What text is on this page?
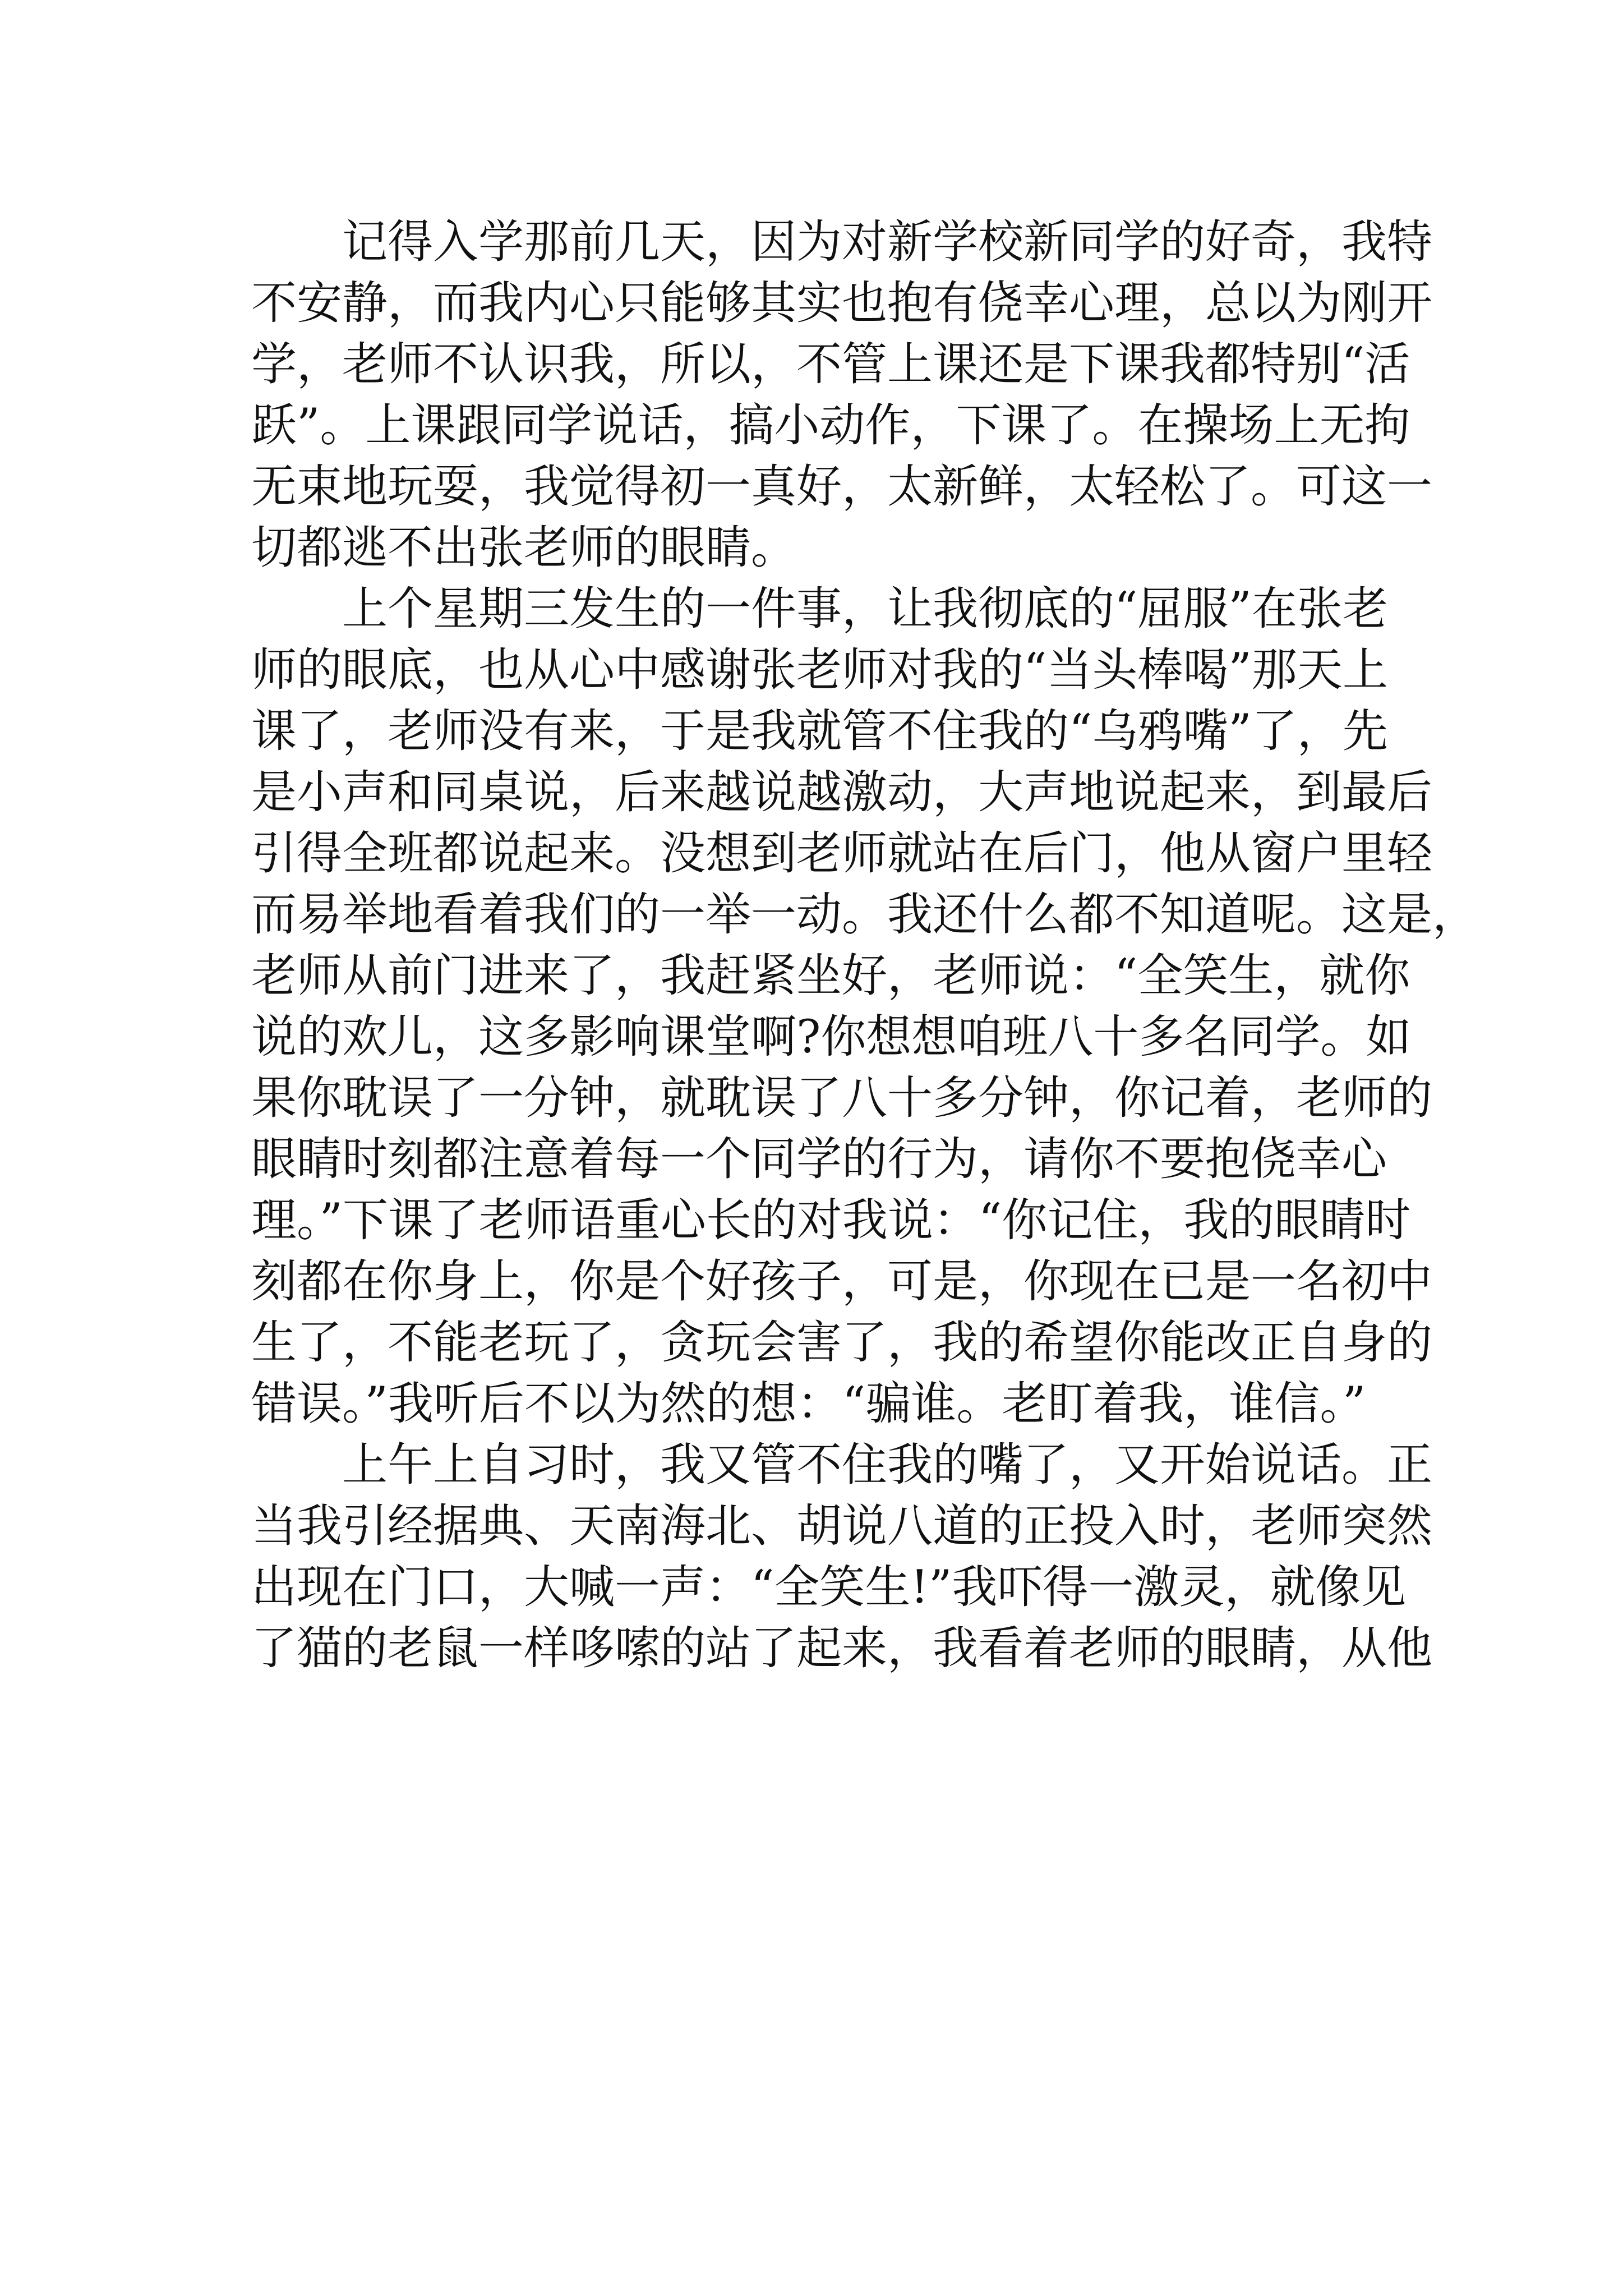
记得入学那前几天，因为对新学校新同学的好奇，我特
不安静，而我内心只能够其实也抱有侥幸心理，总以为刚开
学，老师不认识我，所以，不管上课还是下课我都特别“活
跃”。上课跟同学说话，搞小动作，下课了。在操场上无拘
无束地玩耍，我觉得初一真好，太新鲜，太轻松了。可这一
切都逃不出张老师的眼睛。
上个星期三发生的一件事，让我彻底的“屈服”在张老
师的眼底，也从心中感谢张老师对我的“当头棒喝”那天上
课了，老师没有来，于是我就管不住我的“乌鸦嘴”了，先
是小声和同桌说，后来越说越激动，大声地说起来，到最后
引得全班都说起来。没想到老师就站在后门，他从窗户里轻
而易举地看着我们的一举一动。我还什么都不知道呢。这是，
老师从前门进来了，我赶紧坐好，老师说：“全笑生，就你
说的欢儿，这多影响课堂啊?你想想咱班八十多名同学。如
果你耽误了一分钟，就耽误了八十多分钟，你记着，老师的
眼睛时刻都注意着每一个同学的行为，请你不要抱侥幸心
理。”下课了老师语重心长的对我说：“你记住，我的眼睛时
刻都在你身上，你是个好孩子，可是，你现在已是一名初中
生了，不能老玩了，贪玩会害了，我的希望你能改正自身的
错误。”我听后不以为然的想：“骗谁。老盯着我，谁信。”
上午上自习时，我又管不住我的嘴了，又开始说话。正
当我引经据典、天南海北、胡说八道的正投入时，老师突然
出现在门口，大喊一声：“全笑生!”我吓得一激灵，就像见
了猫的老鼠一样哆嗦的站了起来，我看着老师的眼睛，从他
